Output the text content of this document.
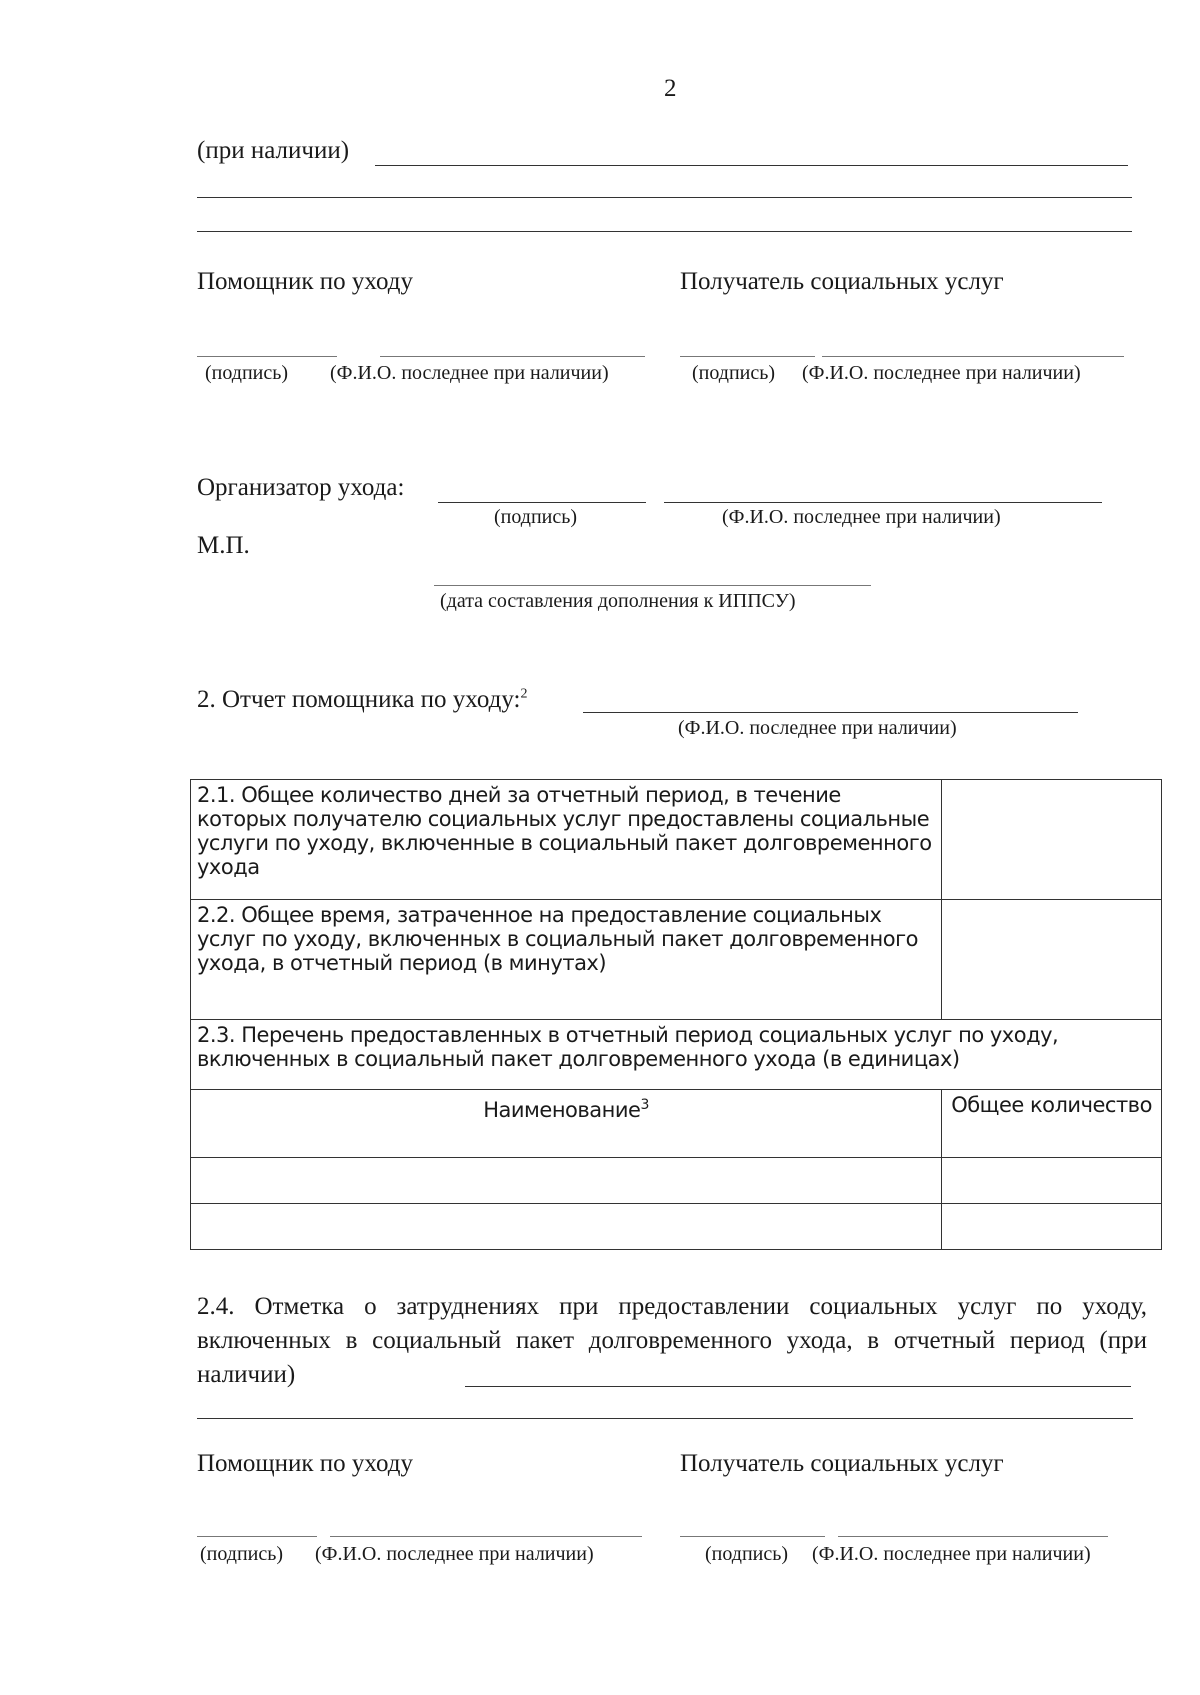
2
(при наличии)
Помощник по уходу	Получатель социальных услуг
(подпись) (Ф.И.О. последнее при наличии)	(подпись) (Ф.И.О. последнее при наличии)
Организатор ухода:
(подпись)	(Ф.И.О. последнее при наличии)
М.П.
(дата составления дополнения к ИППСУ)
2. Отчет помощника по уходу:$^2$
(Ф.И.О. последнее при наличии)
2.1. Общее количество дней за отчетный период, в течение которых получателю социальных услуг предоставлены социальные услуги по уходу, включенные в социальный пакет долговременного ухода	
2.2. Общее время, затраченное на предоставление социальных услуг по уходу, включенных в социальный пакет долговременного ухода, в отчетный период (в минутах)	
2.3. Перечень предоставленных в отчетный период социальных услуг по уходу, включенных в социальный пакет долговременного ухода (в единицах)	
Наименование$^3$	Общее количество

2.4. Отметка о затруднениях при предоставлении социальных услуг по уходу, включенных в социальный пакет долговременного ухода, в отчетный период (при наличии)
Помощник по уходу	Получатель социальных услуг
(подпись) (Ф.И.О. последнее при наличии)	(подпись) (Ф.И.О. последнее при наличии)
